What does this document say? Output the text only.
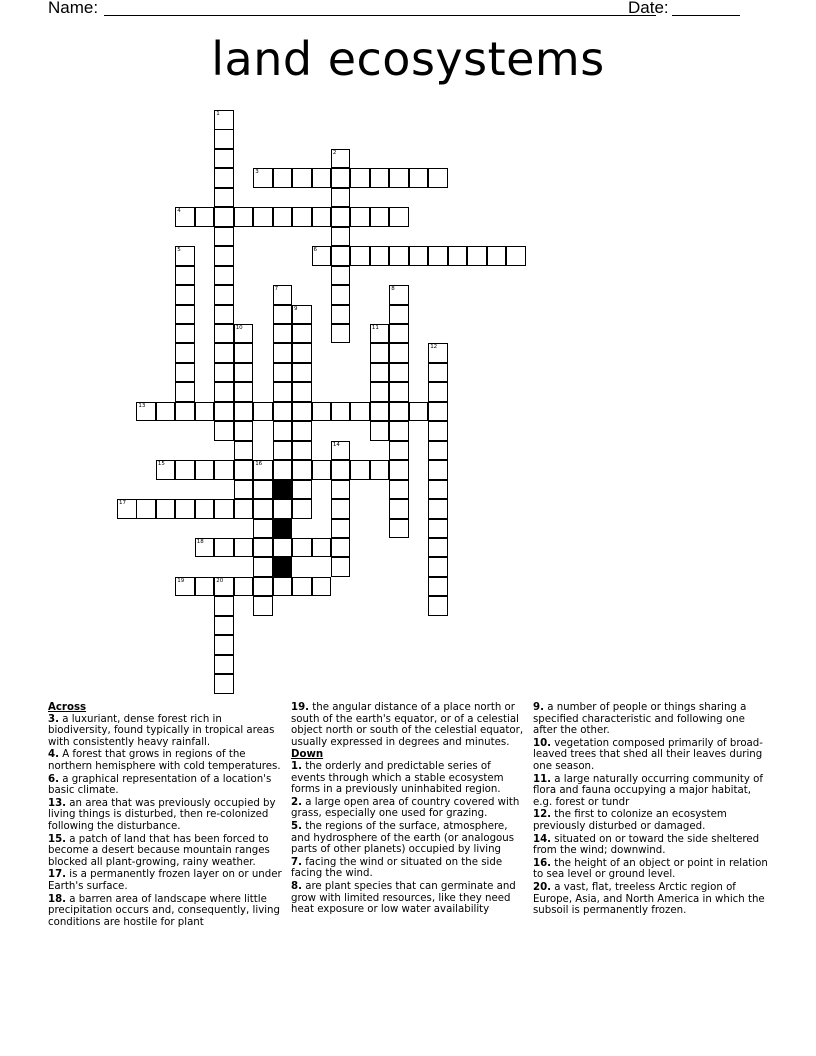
Name:	Date:
land ecosystems
1
2
3
4
5	6
7	8
9
10	11
12
13
14
15	16
17
18
19	20
Across
3. a luxuriant, dense forest rich in biodiversity, found typically in tropical areas with consistently heavy rainfall.
4. A forest that grows in regions of the northern hemisphere with cold temperatures.
6. a graphical representation of a location's basic climate.
13. an area that was previously occupied by living things is disturbed, then re-colonized following the disturbance.
15. a patch of land that has been forced to become a desert because mountain ranges blocked all plant-growing, rainy weather.
17. is a permanently frozen layer on or under Earth's surface.
18. a barren area of landscape where little precipitation occurs and, consequently, living conditions are hostile for plant
19. the angular distance of a place north or south of the earth's equator, or of a celestial object north or south of the celestial equator, usually expressed in degrees and minutes.
Down
1. the orderly and predictable series of events through which a stable ecosystem forms in a previously uninhabited region.
2. a large open area of country covered with grass, especially one used for grazing.
5. the regions of the surface, atmosphere, and hydrosphere of the earth (or analogous parts of other planets) occupied by living
7. facing the wind or situated on the side facing the wind.
8. are plant species that can germinate and grow with limited resources, like they need heat exposure or low water availability
9. a number of people or things sharing a specified characteristic and following one after the other.
10. vegetation composed primarily of broad-leaved trees that shed all their leaves during one season.
11. a large naturally occurring community of flora and fauna occupying a major habitat, e.g. forest or tundr
12. the first to colonize an ecosystem previously disturbed or damaged.
14. situated on or toward the side sheltered from the wind; downwind.
16. the height of an object or point in relation to sea level or ground level.
20. a vast, flat, treeless Arctic region of Europe, Asia, and North America in which the subsoil is permanently frozen.
